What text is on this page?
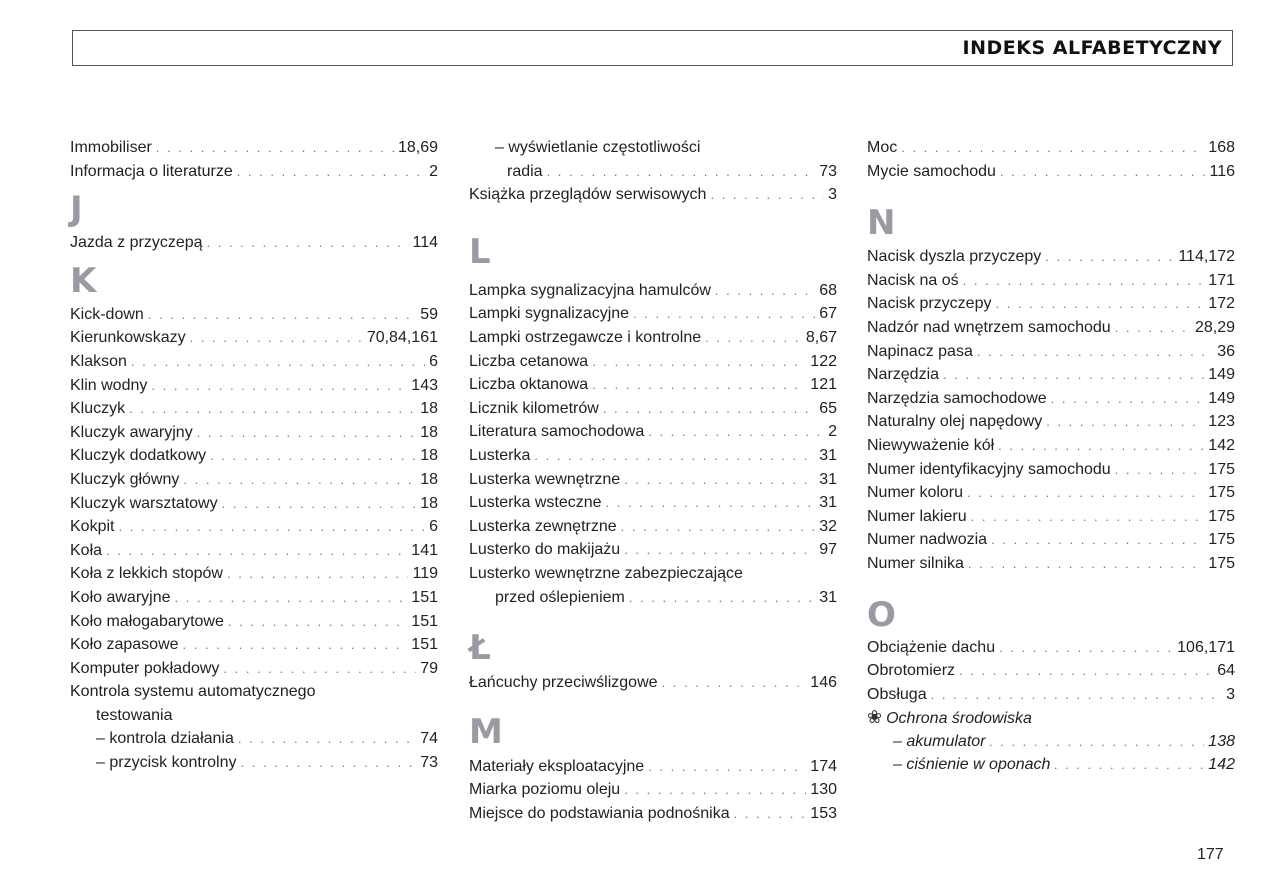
INDEKS ALFABETYCZNY
Immobiliser . . .	18,69
Informacja o literaturze . . .	2
J
Jazda z przyczepą . . .	114
K
Kick-down . . .	59
Kierunkowskazy . . .	70,84,161
Klakson . . .	6
Klin wodny . . .	143
Kluczyk . . .	18
Kluczyk awaryjny . . .	18
Kluczyk dodatkowy . . .	18
Kluczyk główny . . .	18
Kluczyk warsztatowy . . .	18
Kokpit . . .	6
Koła . . .	141
Koła z lekkich stopów . . .	119
Koło awaryjne . . .	151
Koło małogabarytowe . . .	151
Koło zapasowe . . .	151
Komputer pokładowy . . .	79
Kontrola systemu automatycznego
testowania
– kontrola działania . . .	74
– przycisk kontrolny . . .	73
– wyświetlanie częstotliwości
radia . . .	73
Książka przeglądów serwisowych . . .	3
L
Lampka sygnalizacyjna hamulców . . .	68
Lampki sygnalizacyjne . . .	67
Lampki ostrzegawcze i kontrolne . . .	8,67
Liczba cetanowa . . .	122
Liczba oktanowa . . .	121
Licznik kilometrów . . .	65
Literatura samochodowa . . .	2
Lusterka . . .	31
Lusterka wewnętrzne . . .	31
Lusterka wsteczne . . .	31
Lusterka zewnętrzne . . .	32
Lusterko do makijażu . . .	97
Lusterko wewnętrzne zabezpieczające
przed oślepieniem . . .	31
Ł
Łańcuchy przeciwślizgowe . . .	146
M
Materiały eksploatacyjne . . .	174
Miarka poziomu oleju . . .	130
Miejsce do podstawiania podnośnika . . .	153
Moc . . .	168
Mycie samochodu . . .	116
N
Nacisk dyszla przyczepy . . .	114,172
Nacisk na oś . . .	171
Nacisk przyczepy . . .	172
Nadzór nad wnętrzem samochodu . . .	28,29
Napinacz pasa . . .	36
Narzędzia . . .	149
Narzędzia samochodowe . . .	149
Naturalny olej napędowy . . .	123
Niewyważenie kół . . .	142
Numer identyfikacyjny samochodu . . .	175
Numer koloru . . .	175
Numer lakieru . . .	175
Numer nadwozia . . .	175
Numer silnika . . .	175
O
Obciążenie dachu . . .	106,171
Obrotomierz . . .	64
Obsługa . . .	3
❀ Ochrona środowiska
– akumulator . . .	138
– ciśnienie w oponach . . .	142
177
